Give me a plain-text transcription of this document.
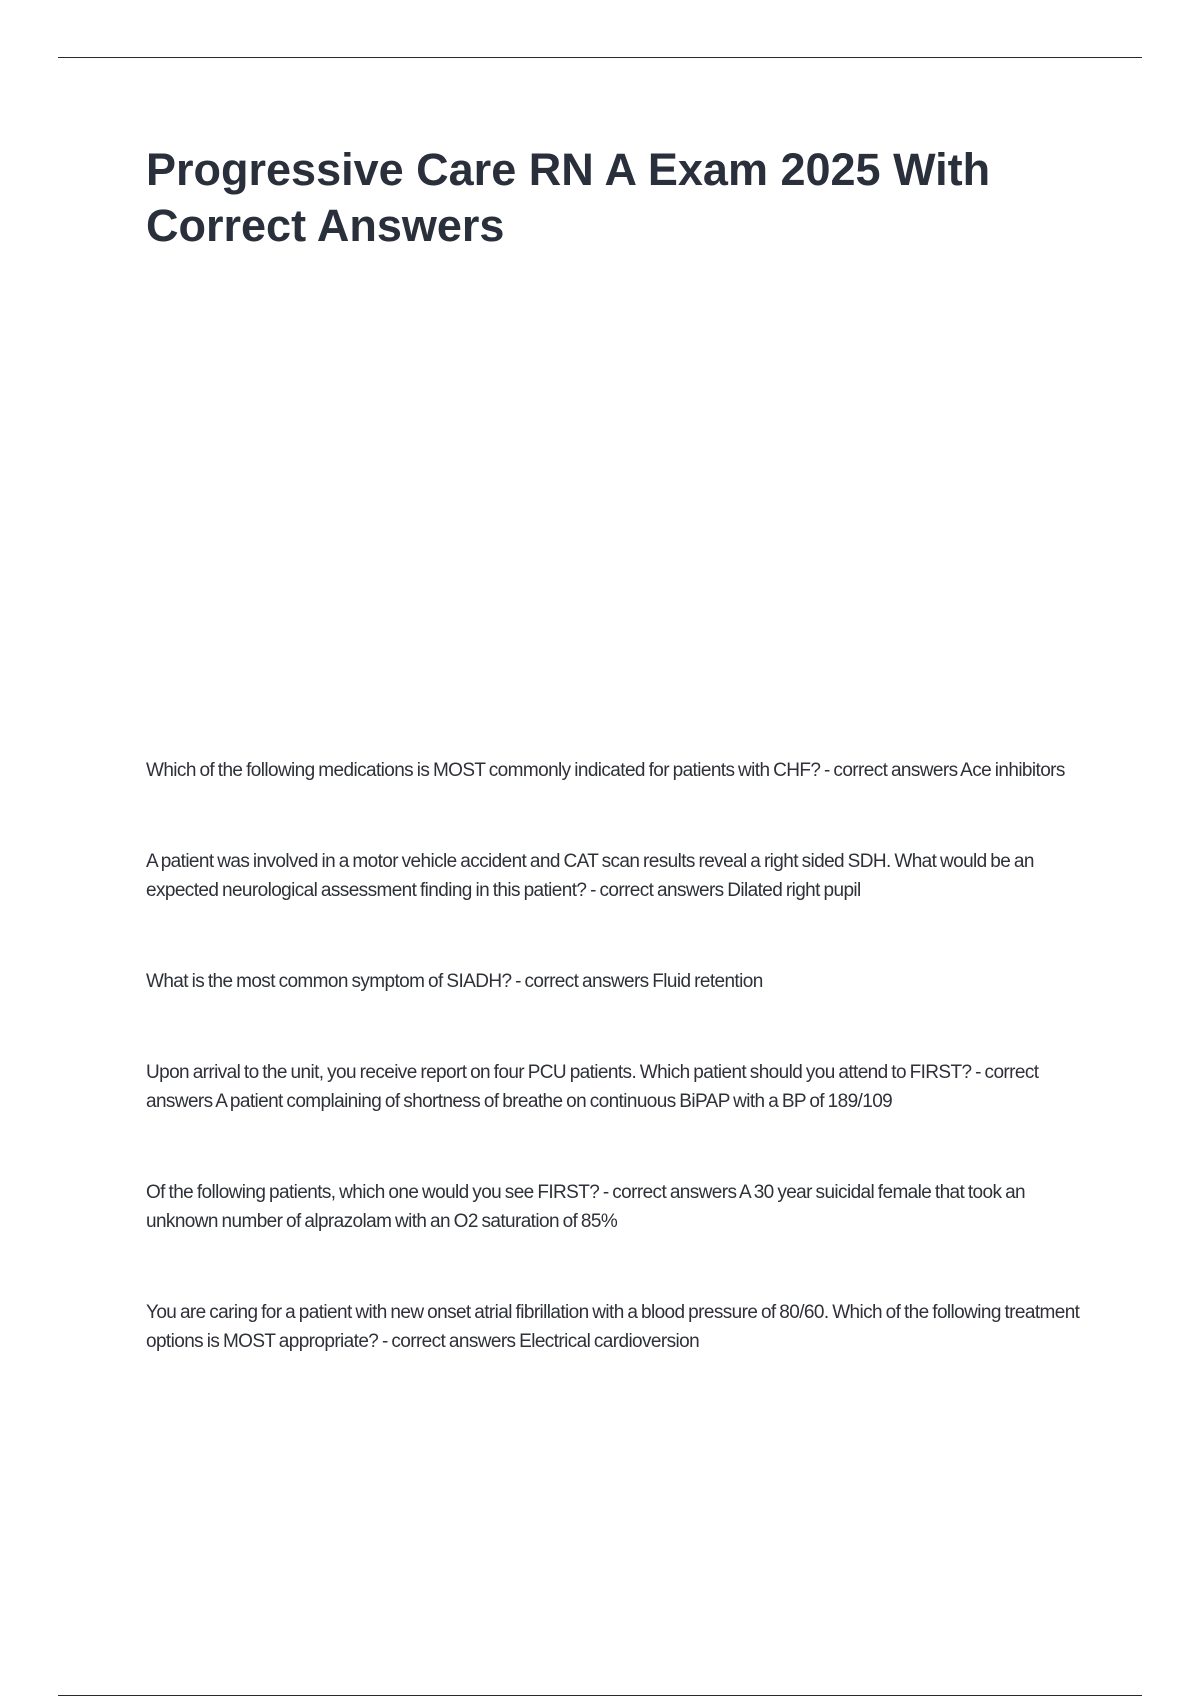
Progressive Care RN A Exam 2025 With Correct Answers

Which of the following medications is MOST commonly indicated for patients with CHF? - correct answers Ace inhibitors

A patient was involved in a motor vehicle accident and CAT scan results reveal a right sided SDH. What would be an expected neurological assessment finding in this patient? - correct answers Dilated right pupil

What is the most common symptom of SIADH? - correct answers Fluid retention

Upon arrival to the unit, you receive report on four PCU patients. Which patient should you attend to FIRST? - correct answers A patient complaining of shortness of breathe on continuous BiPAP with a BP of 189/109

Of the following patients, which one would you see FIRST? - correct answers A 30 year suicidal female that took an unknown number of alprazolam with an O2 saturation of 85%

You are caring for a patient with new onset atrial fibrillation with a blood pressure of 80/60. Which of the following treatment options is MOST appropriate? - correct answers Electrical cardioversion
